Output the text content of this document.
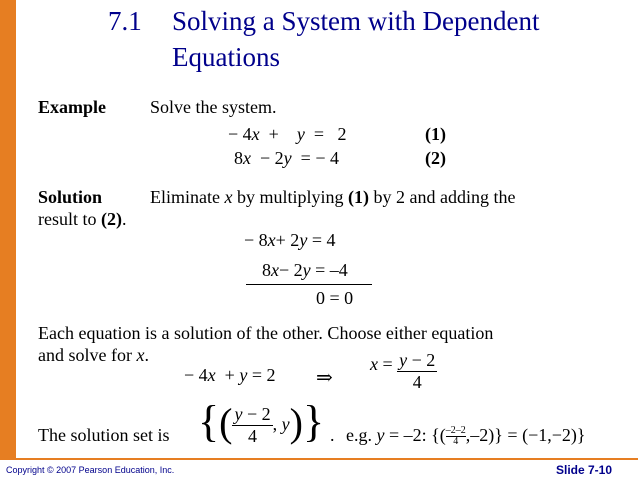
7.1 Solving a System with Dependent
Equations
Example Solve the system.
− 4x + y = 2	(1)
8x − 2y = − 4	(2)
Solution	Eliminate x by multiplying (1) by 2 and adding the
result to (2).
− 8x+ 2y = 4
8x− 2y = –4
0 = 0
Each equation is a solution of the other. Choose either equation
and solve for x.
− 4x + y = 2 ⇒
$x = \frac{y - 2}{4}$
The solution set is {( $\frac{y - 2}{4}$ , y)} . e.g. y = –2: {( $\frac{-2-2}{4},-2)\} = (-1,-2)$}
Copyright © 2007 Pearson Education, Inc.	Slide 7-10
